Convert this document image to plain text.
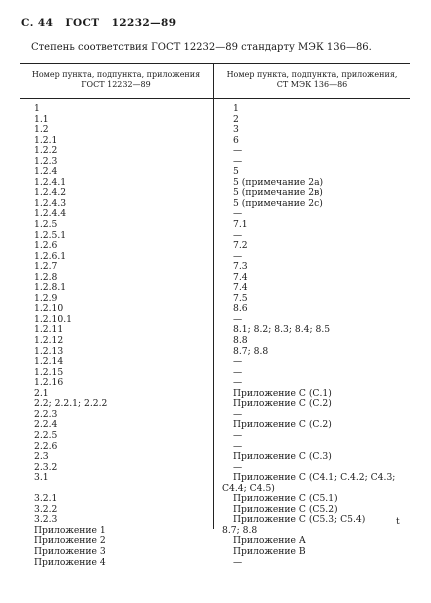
С. 44 ГОСТ 12232—89
Степень соответствия ГОСТ 12232—89 стандарту МЭК 136—86.
Номер пункта, подпункта, приложения ГОСТ 12232—89
Номер пункта, подпункта, приложения, СТ МЭК 136—86
1	1
1.1	2
1.2	3
1.2.1	6
1.2.2	—
1.2.3	—
1.2.4	5
1.2.4.1	5 (примечание 2а)
1.2.4.2	5 (примечание 2в)
1.2.4.3	5 (примечание 2с)
1.2.4.4	—
1.2.5	7.1
1.2.5.1	—
1.2.6	7.2
1.2.6.1	—
1.2.7	7.3
1.2.8	7.4
1.2.8.1	7.4
1.2.9	7.5
1.2.10	8.6
1.2.10.1	—
1.2.11	8.1; 8.2; 8.3; 8.4; 8.5
1.2.12	8.8
1.2.13	8.7; 8.8
1.2.14	—
1.2.15	—
1.2.16	—
2.1	Приложение С (С.1)
2.2; 2.2.1; 2.2.2	Приложение С (С.2)
2.2.3	—
2.2.4	Приложение С (С.2)
2.2.5	—
2.2.6	—
2.3	Приложение С (С.3)
2.3.2	—
3.1	Приложение С (С4.1; С.4.2; С4.3;
С4.4; С4.5)
3.2.1	Приложение С (С5.1)
3.2.2	Приложение С (С5.2)
3.2.3	Приложение С (С5.3; С5.4)
Приложение 1	8.7; 8.8
Приложение 2	Приложение А
Приложение 3	Приложение В
Приложение 4	—
t
